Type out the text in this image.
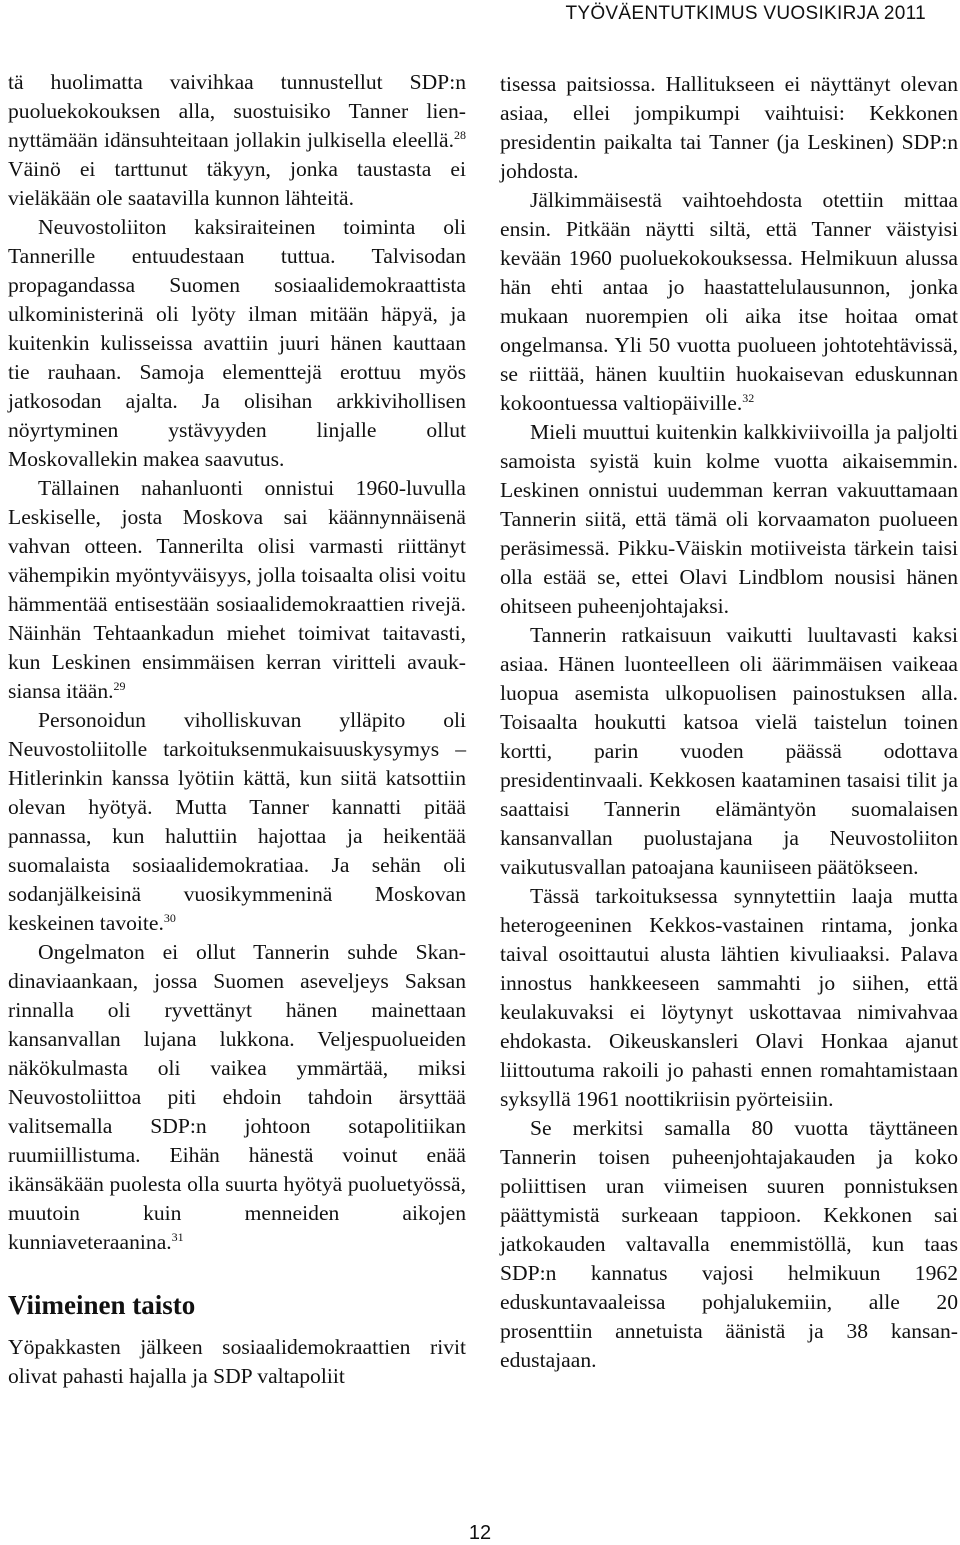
TYÖVÄENTUTKIMUS VUOSIKIRJA 2011

tä huolimatta vaivihkaa tunnustellut SDP:n puoluekokouksen alla, suostuisiko Tanner liennyttämään idänsuhteitaan jollakin julkisella eleellä.$^{28}$ Väinö ei tarttunut täkyyn, jonka taustasta ei vieläkään ole saatavilla kunnon lähteitä.

Neuvostoliiton kaksiraiteinen toiminta oli Tannerille entuudestaan tuttua. Talvisodan propagandassa Suomen sosiaalidemokraattista ulkoministerinä oli lyöty ilman mitään häpyä, ja kuitenkin kulisseissa avattiin juuri hänen kauttaan tie rauhaan. Samoja elementtejä erottuu myös jatkosodan ajalta. Ja olisihan arkkivihollisen nöyrtyminen ystävyyden linjalle ollut Moskovallekin makea saavutus.

Tällainen nahanluonti onnistui 1960-luvulla Leskiselle, josta Moskova sai käännynnäisenä vahvan otteen. Tannerilta olisi varmasti riittänyt vähempikin myöntyväisyys, jolla toisaalta olisi voitu hämmentää entisestään sosiaalidemokraattien rivejä. Näinhän Tehtaankadun miehet toimivat taitavasti, kun Leskinen ensimmäisen kerran viritteli avauksiansa itään.$^{29}$

Personoidun viholliskuvan ylläpito oli Neuvostoliitolle tarkoituksenmukaisuuskysymys – Hitlerinkin kanssa lyötiin kättä, kun siitä katsottiin olevan hyötyä. Mutta Tanner kannatti pitää pannassa, kun haluttiin hajottaa ja heikentää suomalaista sosiaalidemokratiaa. Ja sehän oli sodanjälkeisinä vuosikymmeninä Moskovan keskeinen tavoite.$^{30}$

Ongelmaton ei ollut Tannerin suhde Skandinaviaankaan, jossa Suomen aseveljeys Saksan rinnalla oli ryvettänyt hänen mainettaan kansanvallan lujana lukkona. Veljespuolueiden näkökulmasta oli vaikea ymmärtää, miksi Neuvostoliittoa piti ehdoin tahdoin ärsyttää valitsemalla SDP:n johtoon sotapolitiikan ruumiillistuma. Eihän hänestä voinut enää ikänsäkään puolesta olla suurta hyötyä puoluetyössä, muutoin kuin menneiden aikojen kunniaveteraanina.$^{31}$

Viimeinen taisto

Yöpakkasten jälkeen sosiaalidemokraattien rivit olivat pahasti hajalla ja SDP valtapoliit

tisessa paitsiossa. Hallitukseen ei näyttänyt olevan asiaa, ellei jompikumpi vaihtuisi: Kekkonen presidentin paikalta tai Tanner (ja Leskinen) SDP:n johdosta.

Jälkimmäisestä vaihtoehdosta otettiin mittaa ensin. Pitkään näytti siltä, että Tanner väistyisi kevään 1960 puoluekokouksessa. Helmikuun alussa hän ehti antaa jo haastattelulausunnon, jonka mukaan nuorempien oli aika itse hoitaa omat ongelmansa. Yli 50 vuotta puolueen johtotehtävissä, se riittää, hänen kuultiin huokaisevan eduskunnan kokoontuessa valtiopäiville.$^{32}$

Mieli muuttui kuitenkin kalkkiviivoilla ja paljolti samoista syistä kuin kolme vuotta aikaisemmin. Leskinen onnistui uudemman kerran vakuuttamaan Tannerin siitä, että tämä oli korvaamaton puolueen peräsimessä. Pikku-Väiskin motiiveista tärkein taisi olla estää se, ettei Olavi Lindblom nousisi hänen ohitseen puheenjohtajaksi.

Tannerin ratkaisuun vaikutti luultavasti kaksi asiaa. Hänen luonteelleen oli äärimmäisen vaikeaa luopua asemista ulkopuolisen painostuksen alla. Toisaalta houkutti katsoa vielä taistelun toinen kortti, parin vuoden päässä odottava presidentinvaali. Kekkosen kaataminen tasaisi tilit ja saattaisi Tannerin elämäntyön suomalaisen kansanvallan puolustajana ja Neuvostoliiton vaikutusvallan patoajana kauniiseen päätökseen.

Tässä tarkoituksessa synnytettiin laaja mutta heterogeeninen Kekkos-vastainen rintama, jonka taival osoittautui alusta lähtien kivuliaaksi. Palava innostus hankkeeseen sammahti jo siihen, että keulakuvaksi ei löytynyt uskottavaa nimivahvaa ehdokasta. Oikeuskansleri Olavi Honkaa ajanut liittoutuma rakoili jo pahasti ennen romahtamistaan syksyllä 1961 noottikriisin pyörteisiin.

Se merkitsi samalla 80 vuotta täyttäneen Tannerin toisen puheenjohtajakauden ja koko poliittisen uran viimeisen suuren ponnistuksen päättymistä surkeaan tappioon. Kekkonen sai jatkokauden valtavalla enemmistöllä, kun taas SDP:n kannatus vajosi helmikuun 1962 eduskuntavaaleissa pohjalukemiin, alle 20 prosenttiin annetuista äänistä ja 38 kansanedustajaan.

12
